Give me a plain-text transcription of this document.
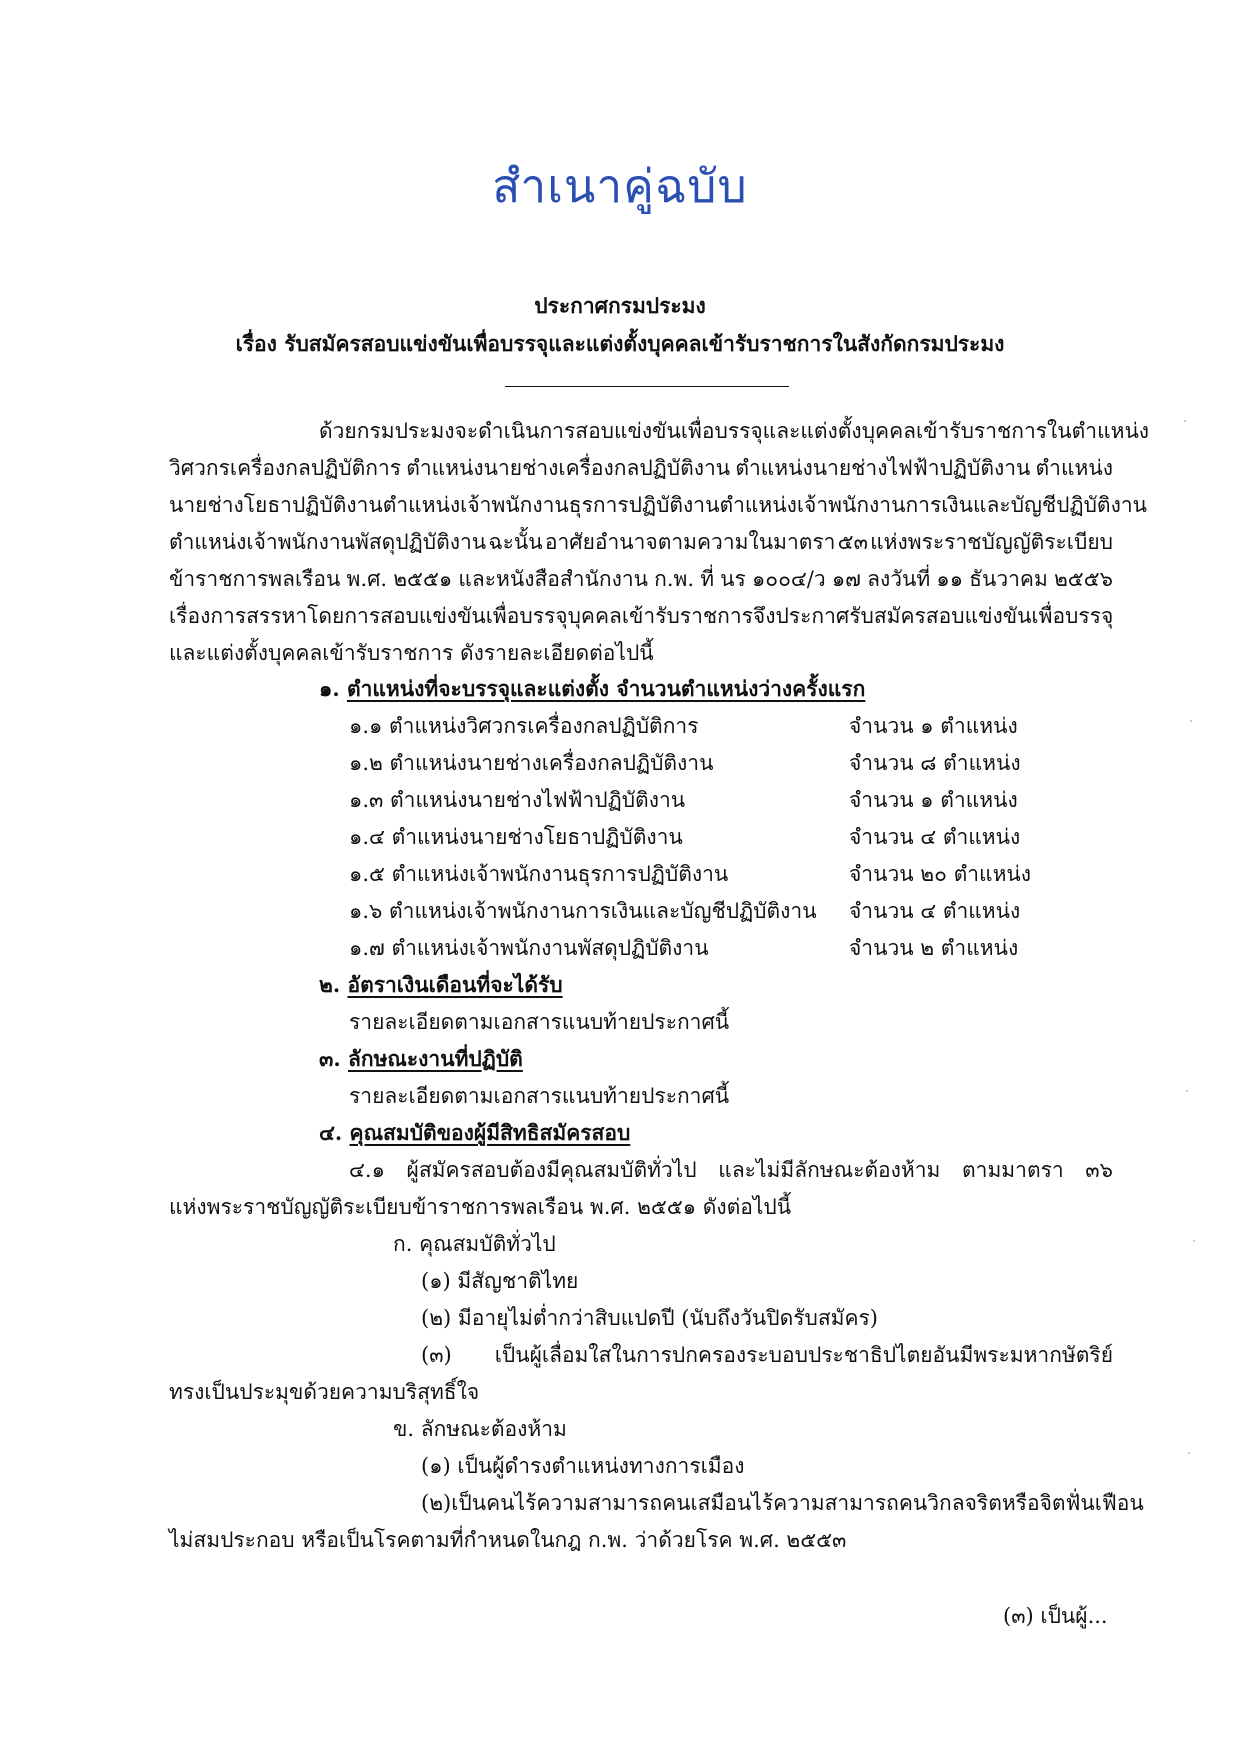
สำเนาคู่ฉบับ
ประกาศกรมประมง
เรื่อง รับสมัครสอบแข่งขันเพื่อบรรจุและแต่งตั้งบุคคลเข้ารับราชการในสังกัดกรมประมง
ด้วยกรมประมงจะดำเนินการสอบแข่งขันเพื่อบรรจุและแต่งตั้งบุคคลเข้ารับราชการในตำแหน่ง
วิศวกรเครื่องกลปฏิบัติการ ตำแหน่งนายช่างเครื่องกลปฏิบัติงาน ตำแหน่งนายช่างไฟฟ้าปฏิบัติงาน ตำแหน่ง
นายช่างโยธาปฏิบัติงาน ตำแหน่งเจ้าพนักงานธุรการปฏิบัติงาน ตำแหน่งเจ้าพนักงานการเงินและบัญชีปฏิบัติงาน
ตำแหน่งเจ้าพนักงานพัสดุปฏิบัติงาน ฉะนั้น อาศัยอำนาจตามความในมาตรา ๕๓ แห่งพระราชบัญญัติระเบียบ
ข้าราชการพลเรือน พ.ศ. ๒๕๕๑ และหนังสือสำนักงาน ก.พ. ที่ นร ๑๐๐๔/ว ๑๗ ลงวันที่ ๑๑ ธันวาคม ๒๕๕๖
เรื่อง การสรรหาโดยการสอบแข่งขันเพื่อบรรจุบุคคลเข้ารับราชการ จึงประกาศรับสมัครสอบแข่งขันเพื่อบรรจุ
และแต่งตั้งบุคคลเข้ารับราชการ ดังรายละเอียดต่อไปนี้
๑. ตำแหน่งที่จะบรรจุและแต่งตั้ง จำนวนตำแหน่งว่างครั้งแรก
๑.๑ ตำแหน่งวิศวกรเครื่องกลปฏิบัติการ	จำนวน ๑ ตำแหน่ง
๑.๒ ตำแหน่งนายช่างเครื่องกลปฏิบัติงาน	จำนวน ๘ ตำแหน่ง
๑.๓ ตำแหน่งนายช่างไฟฟ้าปฏิบัติงาน	จำนวน ๑ ตำแหน่ง
๑.๔ ตำแหน่งนายช่างโยธาปฏิบัติงาน	จำนวน ๔ ตำแหน่ง
๑.๕ ตำแหน่งเจ้าพนักงานธุรการปฏิบัติงาน	จำนวน ๒๐ ตำแหน่ง
๑.๖ ตำแหน่งเจ้าพนักงานการเงินและบัญชีปฏิบัติงาน จำนวน ๔ ตำแหน่ง
๑.๗ ตำแหน่งเจ้าพนักงานพัสดุปฏิบัติงาน	จำนวน ๒ ตำแหน่ง
๒. อัตราเงินเดือนที่จะได้รับ
รายละเอียดตามเอกสารแนบท้ายประกาศนี้
๓. ลักษณะงานที่ปฏิบัติ
รายละเอียดตามเอกสารแนบท้ายประกาศนี้
๔. คุณสมบัติของผู้มีสิทธิสมัครสอบ
๔.๑ ผู้สมัครสอบต้องมีคุณสมบัติทั่วไป และไม่มีลักษณะต้องห้าม ตามมาตรา ๓๖
แห่งพระราชบัญญัติระเบียบข้าราชการพลเรือน พ.ศ. ๒๕๕๑ ดังต่อไปนี้
ก. คุณสมบัติทั่วไป
(๑) มีสัญชาติไทย
(๒) มีอายุไม่ต่ำกว่าสิบแปดปี (นับถึงวันปิดรับสมัคร)
(๓) เป็นผู้เลื่อมใสในการปกครองระบอบประชาธิปไตยอันมีพระมหากษัตริย์
ทรงเป็นประมุขด้วยความบริสุทธิ์ใจ
ข. ลักษณะต้องห้าม
(๑) เป็นผู้ดำรงตำแหน่งทางการเมือง
(๒) เป็นคนไร้ความสามารถ คนเสมือนไร้ความสามารถ คนวิกลจริตหรือจิตฟั่นเฟือน
ไม่สมประกอบ หรือเป็นโรคตามที่กำหนดในกฎ ก.พ. ว่าด้วยโรค พ.ศ. ๒๕๕๓
(๓) เป็นผู้...
